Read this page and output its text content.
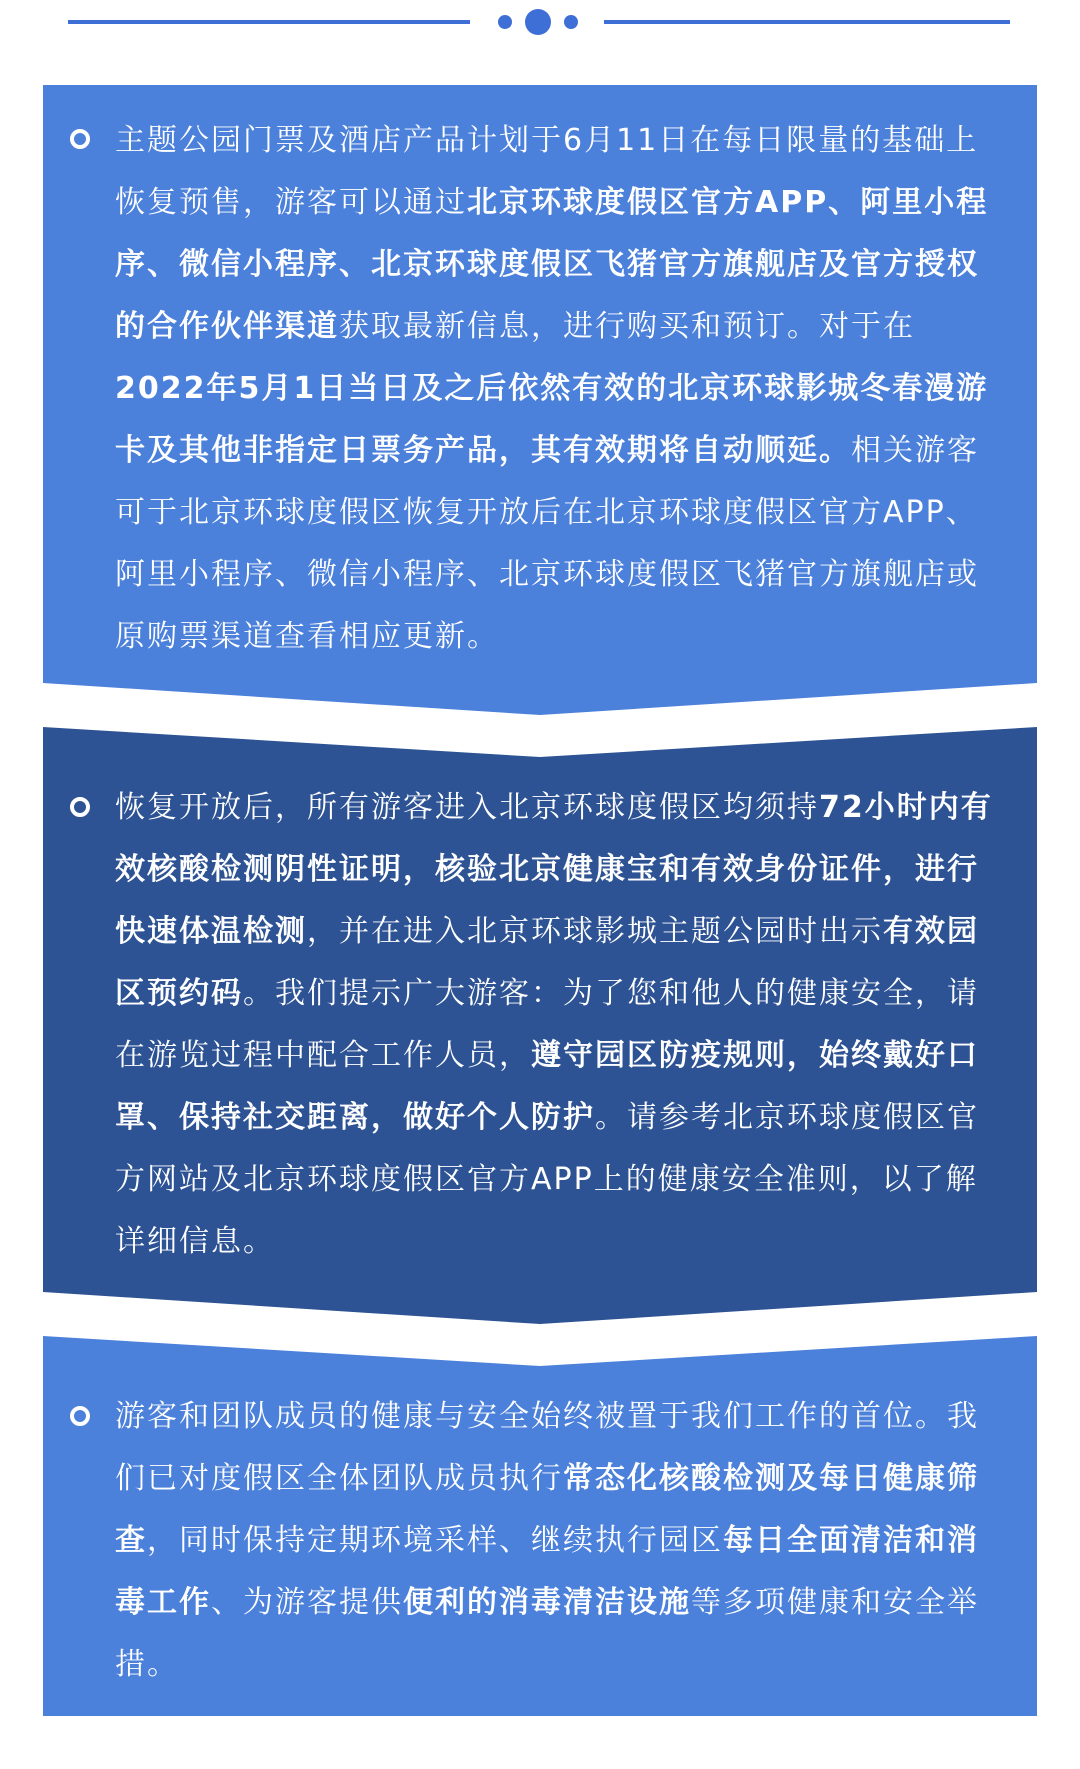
主题公园门票及酒店产品计划于6月11日在每日限量的基础上恢复预售，游客可以通过北京环球度假区官方APP、阿里小程序、微信小程序、北京环球度假区飞猪官方旗舰店及官方授权的合作伙伴渠道获取最新信息，进行购买和预订。对于在2022年5月1日当日及之后依然有效的北京环球影城冬春漫游卡及其他非指定日票务产品，其有效期将自动顺延。相关游客可于北京环球度假区恢复开放后在北京环球度假区官方APP、阿里小程序、微信小程序、北京环球度假区飞猪官方旗舰店或原购票渠道查看相应更新。

恢复开放后，所有游客进入北京环球度假区均须持72小时内有效核酸检测阴性证明，核验北京健康宝和有效身份证件，进行快速体温检测，并在进入北京环球影城主题公园时出示有效园区预约码。我们提示广大游客：为了您和他人的健康安全，请在游览过程中配合工作人员，遵守园区防疫规则，始终戴好口罩、保持社交距离，做好个人防护。请参考北京环球度假区官方网站及北京环球度假区官方APP上的健康安全准则，以了解详细信息。

游客和团队成员的健康与安全始终被置于我们工作的首位。我们已对度假区全体团队成员执行常态化核酸检测及每日健康筛查，同时保持定期环境采样、继续执行园区每日全面清洁和消毒工作、为游客提供便利的消毒清洁设施等多项健康和安全举措。
